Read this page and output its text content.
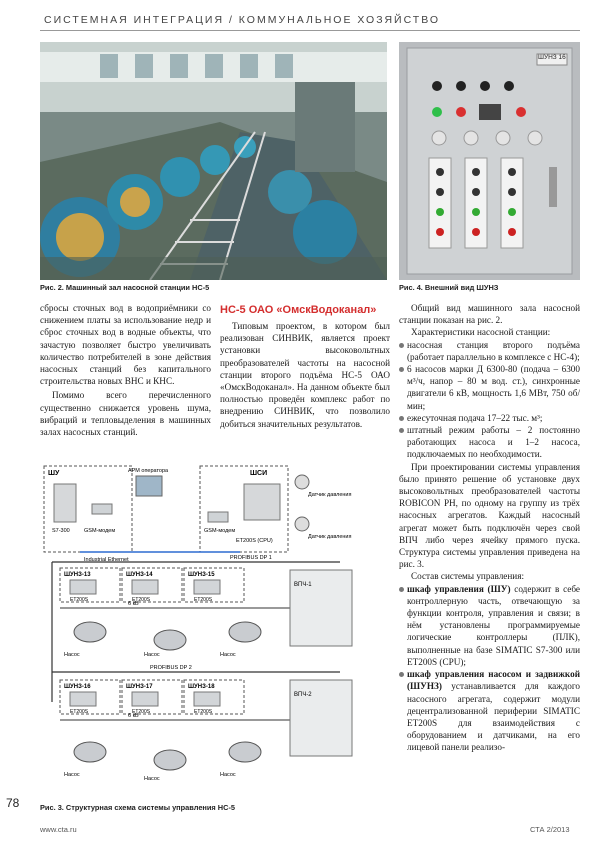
СИСТЕМНАЯ ИНТЕГРАЦИЯ / КОММУНАЛЬНОЕ ХОЗЯЙСТВО
Рис. 2. Машинный зал насосной станции НС-5
ШУНЗ 16
Рис. 4. Внешний вид ШУНЗ

сбросы сточных вод в водоприёмники со снижением платы за использование недр и сброс сточных вод в водные объекты, что зачастую позволяет быстро увеличивать количество потребителей в зоне действия насосных станций без капитального строительства новых ВНС и КНС.

Помимо всего перечисленного существенно снижается уровень шума, вибраций и тепловыделения в машинных залах насосных станций.

НС-5 ОАО «ОмскВодоканал»

Типовым проектом, в котором был реализован СИНВИК, является проект установки высоковольтных преобразователей частоты на насосной станции второго подъёма НС-5 ОАО «ОмскВодоканал». На данном объекте был полностью проведён комплекс работ по внедрению СИНВИК, что позволило добиться значительных результатов.

Общий вид машинного зала насосной станции показан на рис. 2.

Характеристики насосной станции:

насосная станция второго подъёма (работает параллельно в комплексе с НС-4);

6 насосов марки Д 6300-80 (подача – 6300 м³/ч, напор – 80 м вод. ст.), синхронные двигатели 6 кВ, мощность 1,6 МВт, 750 об/мин;

ежесуточная подача 17–22 тыс. м³;

штатный режим работы – 2 постоянно работающих насоса и 1–2 насоса, подключаемых по необходимости.

При проектировании системы управления было принято решение об установке двух высоковольтных преобразователей частоты ROBICON PH, по одному на группу из трёх насосных агрегатов. Каждый насосный агрегат может быть подключён через свой ВПЧ либо через ячейку прямого пуска. Структура системы управления приведена на рис. 3.

Состав системы управления:

шкаф управления (ШУ) содержит в себе контроллерную часть, отвечающую за функции контроля, управления и связи; в нём установлены программируемые логические контроллеры (ПЛК), выполненные на базе SIMATIC S7-300 или ET200S (CPU);

шкаф управления насосом и задвижкой (ШУНЗ) устанавливается для каждого насосного агрегата, содержит модули децентрализованной периферии SIMATIC ET200S для взаимодействия с оборудованием и датчиками, на его лицевой панели реализо-

ШУ
S7-300	GSM-модем
АРМ оператора	ШСИ
GSM-модем
ET200S (CPU)
Датчик давления
Датчик давления
Industrial Ethernet	PROFIBUS DP 1
PROFIBUS DP 2
ШУНЗ-13	ШУНЗ-14	ШУНЗ-15
ET200S	ET200S	ET200S
6 кВ
ВПЧ-1
Насос	Насос	Насос
ШУНЗ-16	ШУНЗ-17	ШУНЗ-18
ET200S	ET200S	ET200S
6 кВ
ВПЧ-2
Насос
Насос
Насос
Рис. 3. Структурная схема системы управления НС-5
78
www.cta.ru	СТА 2/2013
